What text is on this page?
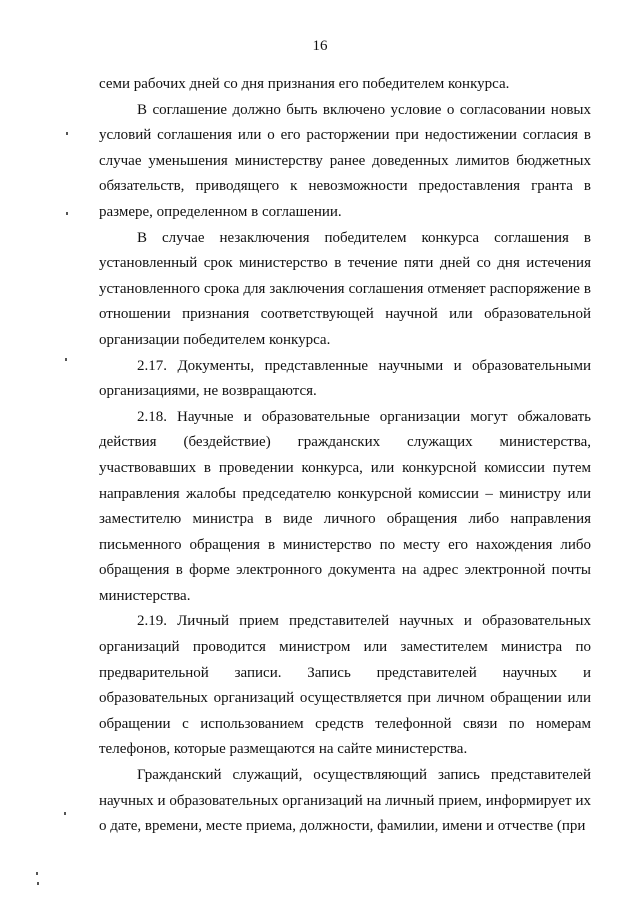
16

семи рабочих дней со дня признания его победителем конкурса.

В соглашение должно быть включено условие о согласовании новых условий соглашения или о его расторжении при недостижении согласия в случае уменьшения министерству ранее доведенных лимитов бюджетных обязательств, приводящего к невозможности предоставления гранта в размере, определенном в соглашении.

В случае незаключения победителем конкурса соглашения в установленный срок министерство в течение пяти дней со дня истечения установленного срока для заключения соглашения отменяет распоряжение в отношении признания соответствующей научной или образовательной организации победителем конкурса.

2.17. Документы, представленные научными и образовательными организациями, не возвращаются.

2.18. Научные и образовательные организации могут обжаловать действия (бездействие) гражданских служащих министерства, участвовавших в проведении конкурса, или конкурсной комиссии путем направления жалобы председателю конкурсной комиссии – министру или заместителю министра в виде личного обращения либо направления письменного обращения в министерство по месту его нахождения либо обращения в форме электронного документа на адрес электронной почты министерства.

2.19. Личный прием представителей научных и образовательных организаций проводится министром или заместителем министра по предварительной записи. Запись представителей научных и образовательных организаций осуществляется при личном обращении или обращении с использованием средств телефонной связи по номерам телефонов, которые размещаются на сайте министерства.

Гражданский служащий, осуществляющий запись представителей научных и образовательных организаций на личный прием, информирует их о дате, времени, месте приема, должности, фамилии, имени и отчестве (при
